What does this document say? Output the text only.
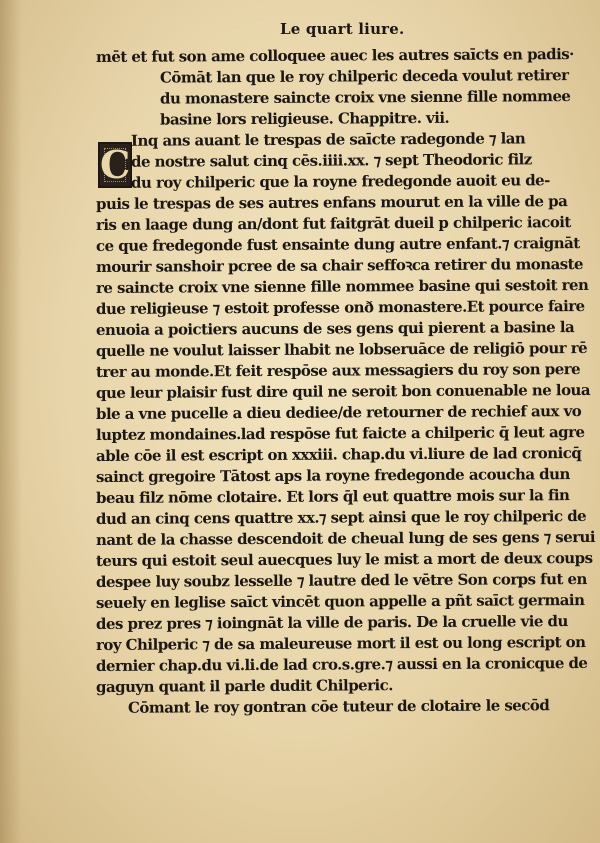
Le quart liure.
C
mēt et fut son ame colloquee auec les autres saīcts en padis·
Cōmāt lan que le roy chilperic deceda voulut retirer
du monastere saincte croix vne sienne fille nommee
basine lors religieuse. Chappitre. vii.
Inq ans auant le trespas de saīcte radegonde ⁊ lan
de nostre salut cinq cēs.iiii.xx. ⁊ sept Theodoric filz
du roy chilperic que la royne fredegonde auoit eu de-
puis le trespas de ses autres enfans mourut en la ville de pa
ris en laage dung an/dont fut faitgrāt dueil p chilperic iacoit
ce que fredegonde fust ensainte dung autre enfant.⁊ craignāt
mourir sanshoir pcree de sa chair seffoꝛca retirer du monaste
re saincte croix vne sienne fille nommee basine qui sestoit ren
due religieuse ⁊ estoit professe onð monastere.Et pource faire
enuoia a poictiers aucuns de ses gens qui pierent a basine la
quelle ne voulut laisser lhabit ne lobseruāce de religiō pour rē
trer au monde.Et feit respōse aux messagiers du roy son pere
que leur plaisir fust dire quil ne seroit bon conuenable ne loua
ble a vne pucelle a dieu dediee/de retourner de rechief aux vo
luptez mondaines.lad respōse fut faicte a chilperic q̄ leut agre
able cōe il est escript on xxxiii. chap.du vi.liure de lad cronicq̄
sainct gregoire Tātost aps la royne fredegonde acoucha dun
beau filz nōme clotaire. Et lors q̄l eut quattre mois sur la fin
dud an cinq cens quattre xx.⁊ sept ainsi que le roy chilperic de
nant de la chasse descendoit de cheual lung de ses gens ⁊ serui
teurs qui estoit seul auecques luy le mist a mort de deux coups
despee luy soubz lesselle ⁊ lautre ded le vētre Son corps fut en
seuely en leglise saīct vincēt quon appelle a pñt saīct germain
des prez pres ⁊ ioingnāt la ville de paris. De la cruelle vie du
roy Chilperic ⁊ de sa maleureuse mort il est ou long escript on
dernier chap.du vi.li.de lad cro.s.gre.⁊ aussi en la cronicque de
gaguyn quant il parle dudit Chilperic.
Cōmant le roy gontran cōe tuteur de clotaire le secōd
